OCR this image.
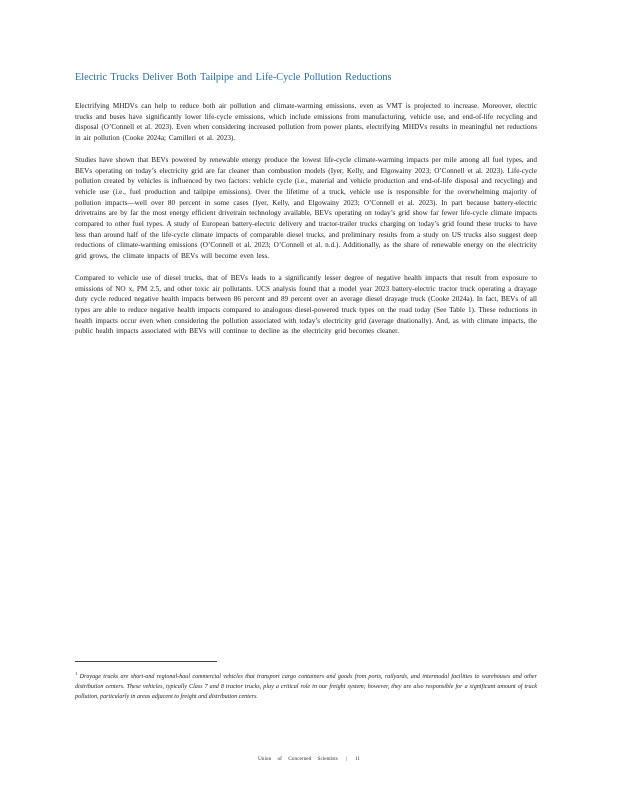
Electric Trucks Deliver Both Tailpipe and Life-Cycle Pollution Reductions

Electrifying MHDVs can help to reduce both air pollution and climate-warming emissions, even as VMT is projected to increase. Moreover, electric trucks and buses have significantly lower life-cycle emissions, which include emissions from manufacturing, vehicle use, and end-of-life recycling and disposal (O’Connell et al. 2023). Even when considering increased pollution from power plants, electrifying MHDVs results in meaningful net reductions in air pollution (Cooke 2024a; Camilleri et al. 2023).

Studies have shown that BEVs powered by renewable energy produce the lowest life-cycle climate-warming impacts per mile among all fuel types, and BEVs operating on today’s electricity grid are far cleaner than combustion models (Iyer, Kelly, and Elgowainy 2023; O’Connell et al. 2023). Life-cycle pollution created by vehicles is influenced by two factors: vehicle cycle (i.e., material and vehicle production and end-of-life disposal and recycling) and vehicle use (i.e., fuel production and tailpipe emissions). Over the lifetime of a truck, vehicle use is responsible for the overwhelming majority of pollution impacts—well over 80 percent in some cases (Iyer, Kelly, and Elgowainy 2023; O’Connell et al. 2023). In part because battery-electric drivetrains are by far the most energy efficient drivetrain technology available, BEVs operating on today’s grid show far fewer life-cycle climate impacts compared to other fuel types. A study of European battery-electric delivery and tractor-trailer trucks charging on today’s grid found these trucks to have less than around half of the life-cycle climate impacts of comparable diesel trucks, and preliminary results from a study on US trucks also suggest deep reductions of climate-warming emissions (O’Connell et al. 2023; O’Connell et al. n.d.). Additionally, as the share of renewable energy on the electricity grid grows, the climate impacts of BEVs will become even less.

Compared to vehicle use of diesel trucks, that of BEVs leads to a significantly lesser degree of negative health impacts that result from exposure to emissions of NO x, PM 2.5, and other toxic air pollutants. UCS analysis found that a model year 2023 battery-electric tractor truck operating a drayage duty cycle reduced negative health impacts between 86 percent and 89 percent over an average diesel drayage truck (Cooke 2024a). In fact, BEVs of all types are able to reduce negative health impacts compared to analogous diesel-powered truck types on the road today (See Table 1). These reductions in health impacts occur even when considering the pollution associated with today’s electricity grid (average dnationally). And, as with climate impacts, the public health impacts associated with BEVs will continue to decline as the electricity grid becomes cleaner.

$^1$ Drayage trucks are short-and regional-haul commercial vehicles that transport cargo containers and goods from ports, railyards, and intermodal facilities to warehouses and other distribution centers. These vehicles, typically Class 7 and 8 tractor trucks, play a critical role in our freight system; however, they are also responsible for a significant amount of truck pollution, particularly in areas adjacent to freight and distribution centers.

Union of Concerned Scientists | 11
